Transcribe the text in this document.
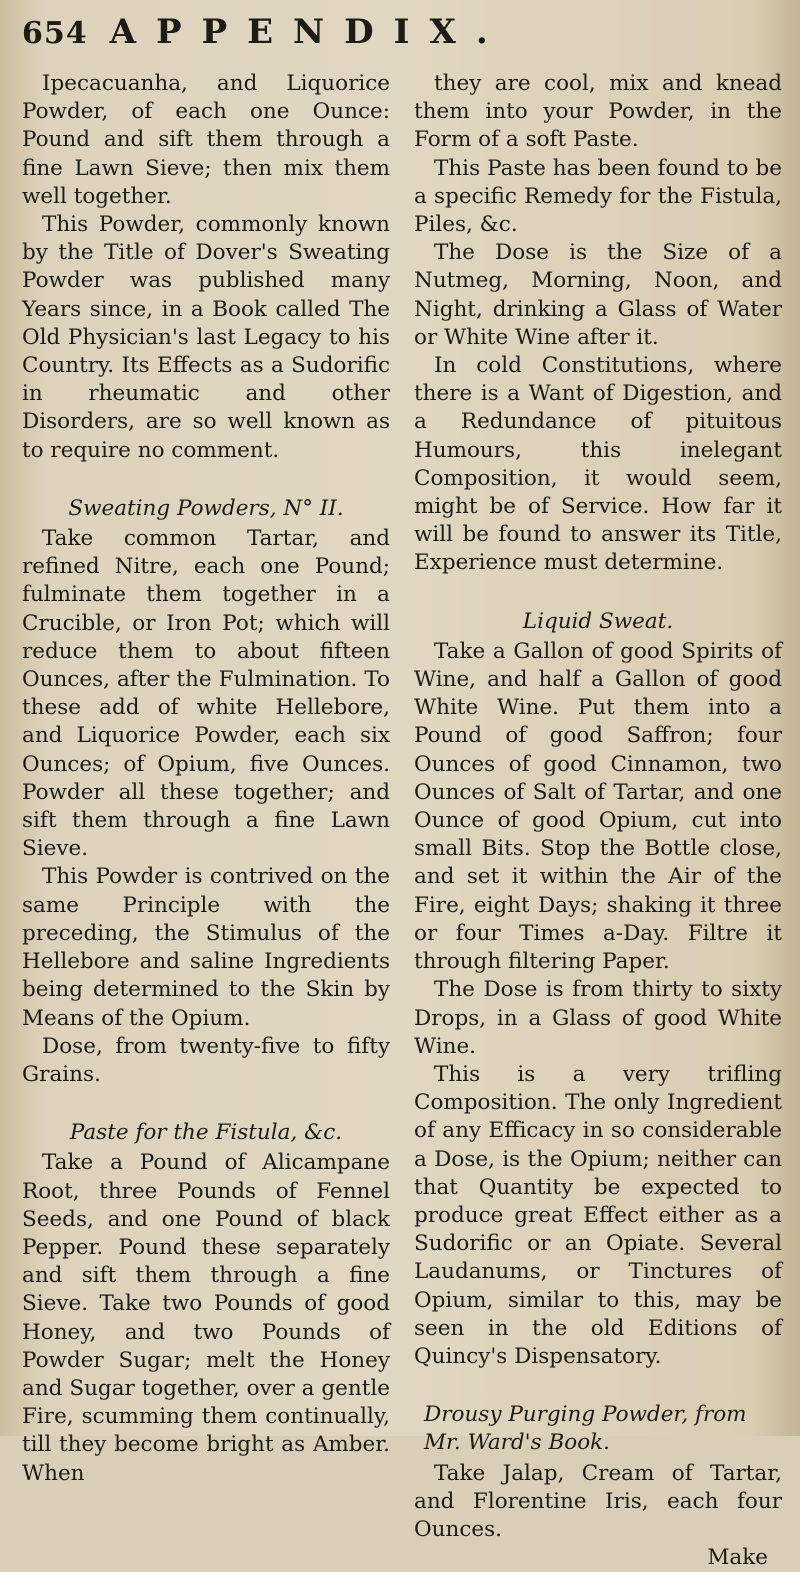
654 APPENDIX.

Ipecacuanha, and Liquorice Powder, of each one Ounce: Pound and sift them through a fine Lawn Sieve; then mix them well together.

This Powder, commonly known by the Title of Dover's Sweating Powder was published many Years since, in a Book called The Old Physician's last Legacy to his Country. Its Effects as a Sudorific in rheumatic and other Disorders, are so well known as to require no comment.

Sweating Powders, N° II.

Take common Tartar, and refined Nitre, each one Pound; fulminate them together in a Crucible, or Iron Pot; which will reduce them to about fifteen Ounces, after the Fulmination. To these add of white Hellebore, and Liquorice Powder, each six Ounces; of Opium, five Ounces. Powder all these together; and sift them through a fine Lawn Sieve.

This Powder is contrived on the same Principle with the preceding, the Stimulus of the Hellebore and saline Ingredients being determined to the Skin by Means of the Opium.

Dose, from twenty-five to fifty Grains.

Paste for the Fistula, &c.

Take a Pound of Alicampane Root, three Pounds of Fennel Seeds, and one Pound of black Pepper. Pound these separately and sift them through a fine Sieve. Take two Pounds of good Honey, and two Pounds of Powder Sugar; melt the Honey and Sugar together, over a gentle Fire, scumming them continually, till they become bright as Amber. When

they are cool, mix and knead them into your Powder, in the Form of a soft Paste.

This Paste has been found to be a specific Remedy for the Fistula, Piles, &c.

The Dose is the Size of a Nutmeg, Morning, Noon, and Night, drinking a Glass of Water or White Wine after it.

In cold Constitutions, where there is a Want of Digestion, and a Redundance of pituitous Humours, this inelegant Composition, it would seem, might be of Service. How far it will be found to answer its Title, Experience must determine.

Liquid Sweat.

Take a Gallon of good Spirits of Wine, and half a Gallon of good White Wine. Put them into a Pound of good Saffron; four Ounces of good Cinnamon, two Ounces of Salt of Tartar, and one Ounce of good Opium, cut into small Bits. Stop the Bottle close, and set it within the Air of the Fire, eight Days; shaking it three or four Times a-Day. Filtre it through filtering Paper.

The Dose is from thirty to sixty Drops, in a Glass of good White Wine.

This is a very trifling Composition. The only Ingredient of any Efficacy in so considerable a Dose, is the Opium; neither can that Quantity be expected to produce great Effect either as a Sudorific or an Opiate. Several Laudanums, or Tinctures of Opium, similar to this, may be seen in the old Editions of Quincy's Dispensatory.

Drousy Purging Powder, from Mr. Ward's Book.

Take Jalap, Cream of Tartar, and Florentine Iris, each four Ounces.

Make
